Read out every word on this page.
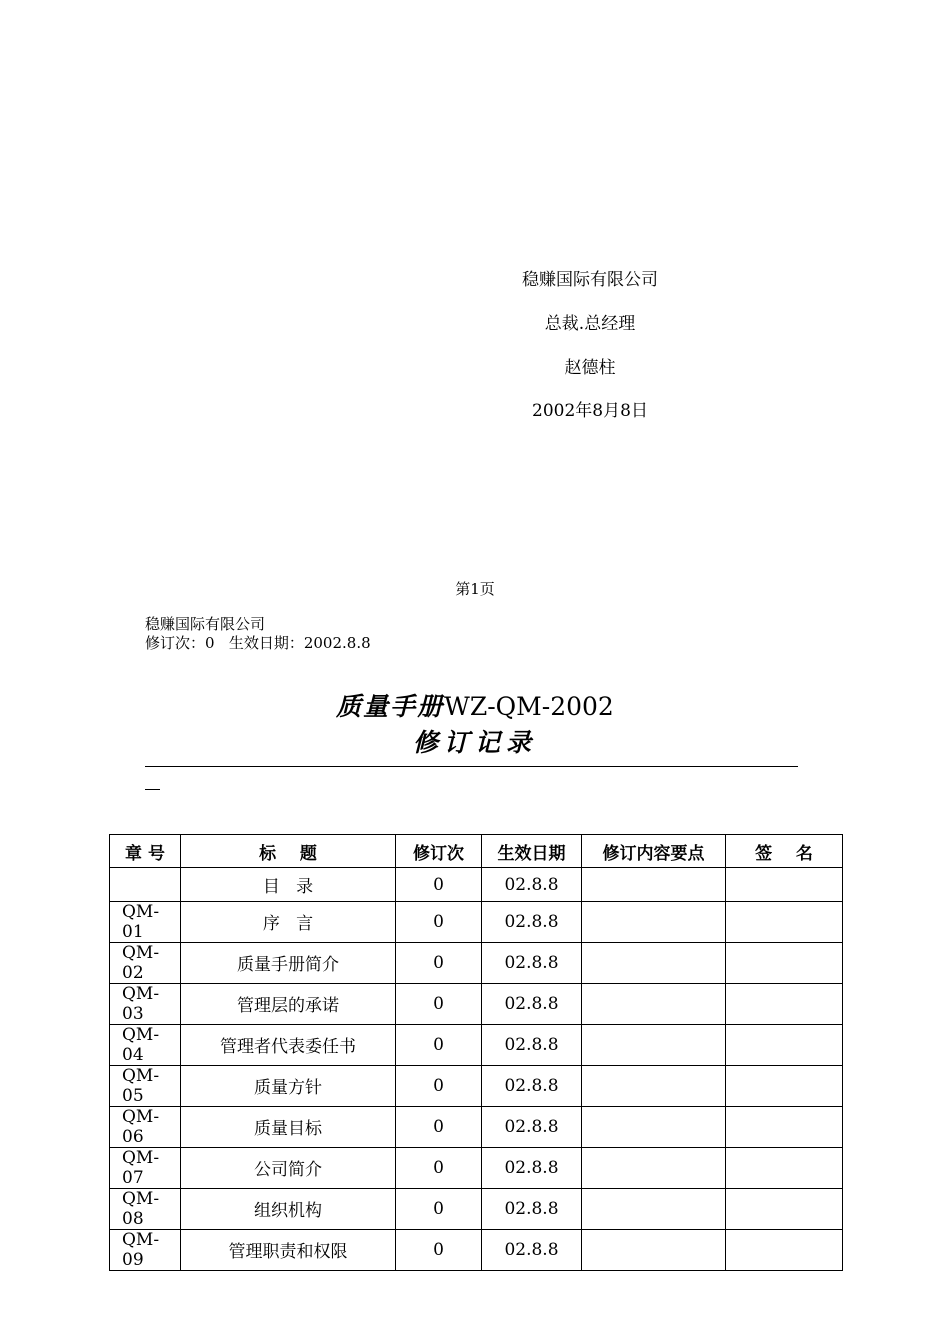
稳赚国际有限公司
总裁.总经理
赵德柱
2002年8月8日
第1页
稳赚国际有限公司
修订次：0   生效日期：2002.8.8
质量手册WZ-QM-2002
修订记录
章 号	标    题	修订次	生效日期	修订内容要点	签    名
	目   录	0	02.8.8		
QM-01	序   言	0	02.8.8		
QM-02	质量手册简介	0	02.8.8		
QM-03	管理层的承诺	0	02.8.8		
QM-04	管理者代表委任书	0	02.8.8		
QM-05	质量方针	0	02.8.8		
QM-06	质量目标	0	02.8.8		
QM-07	公司简介	0	02.8.8		
QM-08	组织机构	0	02.8.8		
QM-09	管理职责和权限	0	02.8.8		
